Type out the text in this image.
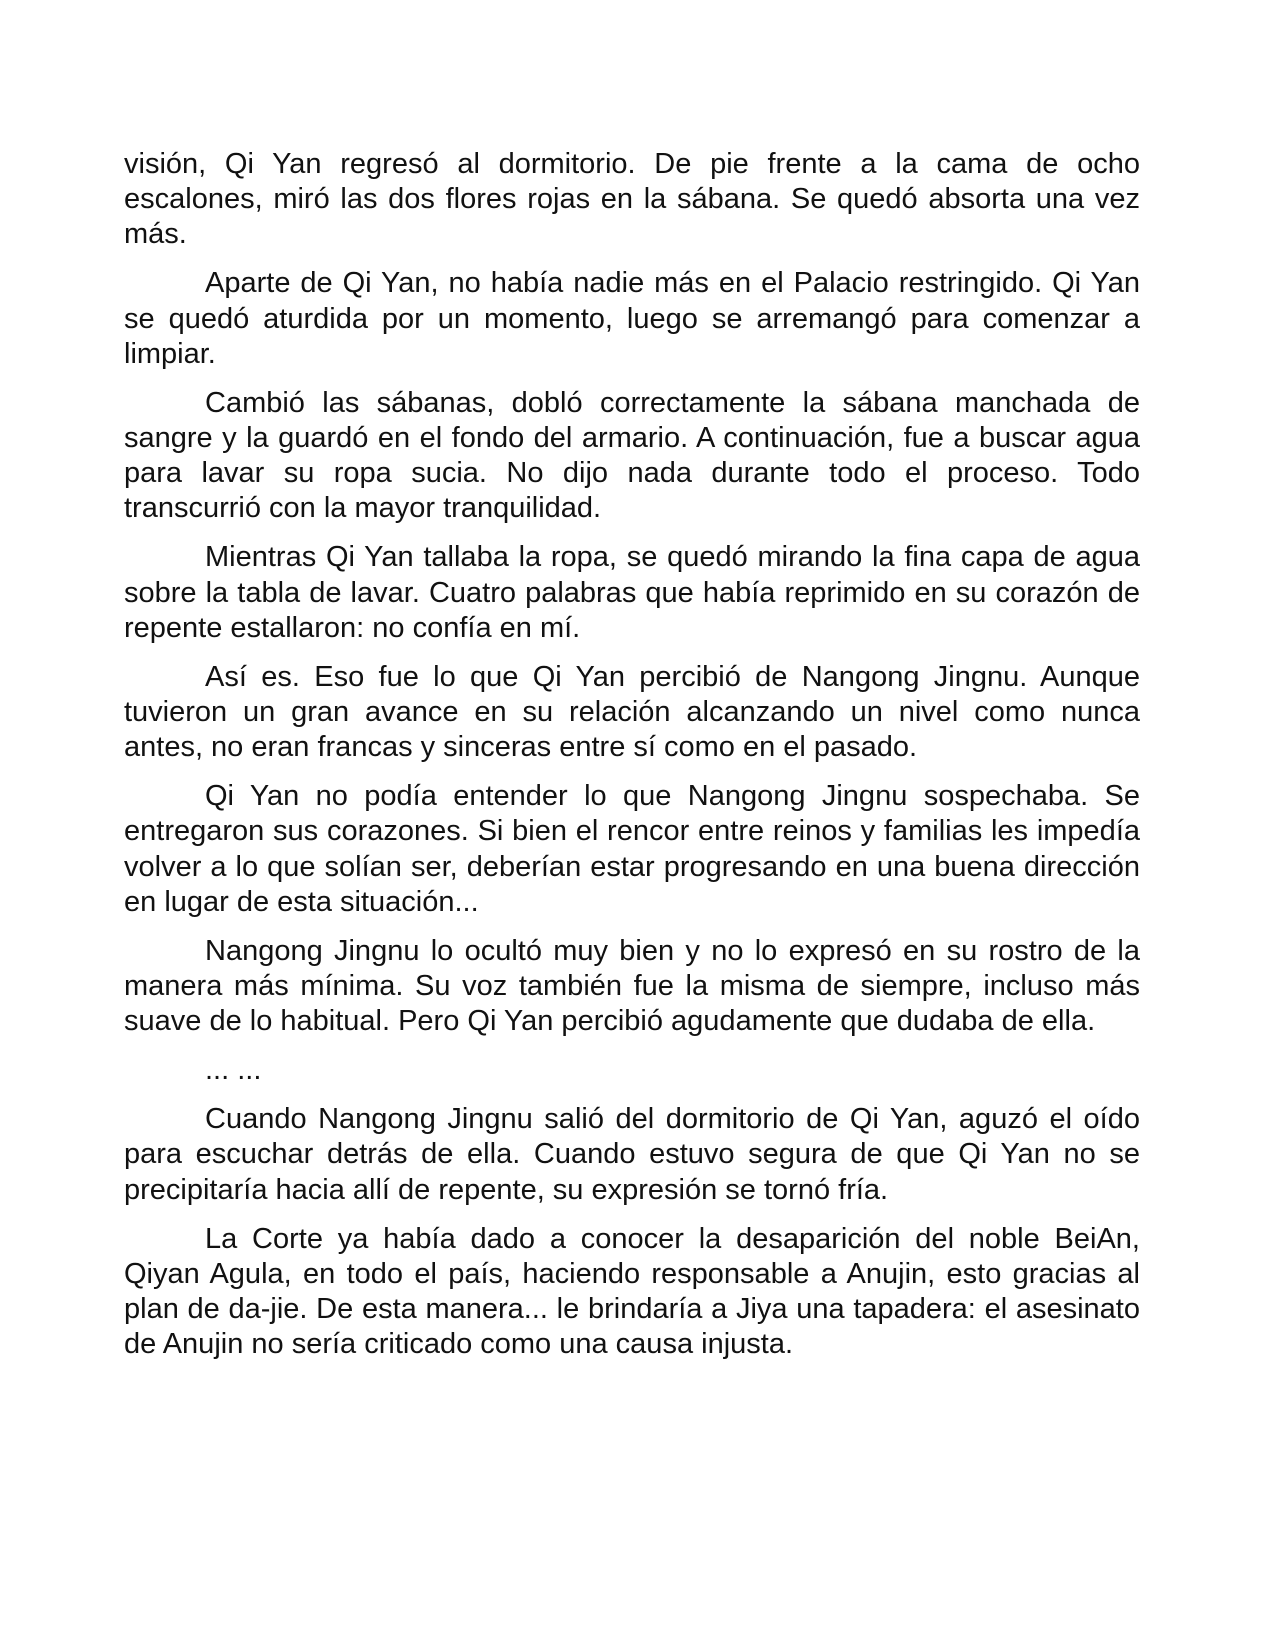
visión, Qi Yan regresó al dormitorio. De pie frente a la cama de ocho escalones, miró las dos flores rojas en la sábana. Se quedó absorta una vez más.

Aparte de Qi Yan, no había nadie más en el Palacio restringido. Qi Yan se quedó aturdida por un momento, luego se arremangó para comenzar a limpiar.

Cambió las sábanas, dobló correctamente la sábana manchada de sangre y la guardó en el fondo del armario. A continuación, fue a buscar agua para lavar su ropa sucia. No dijo nada durante todo el proceso. Todo transcurrió con la mayor tranquilidad.

Mientras Qi Yan tallaba la ropa, se quedó mirando la fina capa de agua sobre la tabla de lavar. Cuatro palabras que había reprimido en su corazón de repente estallaron: no confía en mí.

Así es. Eso fue lo que Qi Yan percibió de Nangong Jingnu. Aunque tuvieron un gran avance en su relación alcanzando un nivel como nunca antes, no eran francas y sinceras entre sí como en el pasado.

Qi Yan no podía entender lo que Nangong Jingnu sospechaba. Se entregaron sus corazones. Si bien el rencor entre reinos y familias les impedía volver a lo que solían ser, deberían estar progresando en una buena dirección en lugar de esta situación...

Nangong Jingnu lo ocultó muy bien y no lo expresó en su rostro de la manera más mínima. Su voz también fue la misma de siempre, incluso más suave de lo habitual. Pero Qi Yan percibió agudamente que dudaba de ella.

... ...

Cuando Nangong Jingnu salió del dormitorio de Qi Yan, aguzó el oído para escuchar detrás de ella. Cuando estuvo segura de que Qi Yan no se precipitaría hacia allí de repente, su expresión se tornó fría.

La Corte ya había dado a conocer la desaparición del noble BeiAn, Qiyan Agula, en todo el país, haciendo responsable a Anujin, esto gracias al plan de da-jie. De esta manera... le brindaría a Jiya una tapadera: el asesinato de Anujin no sería criticado como una causa injusta.
